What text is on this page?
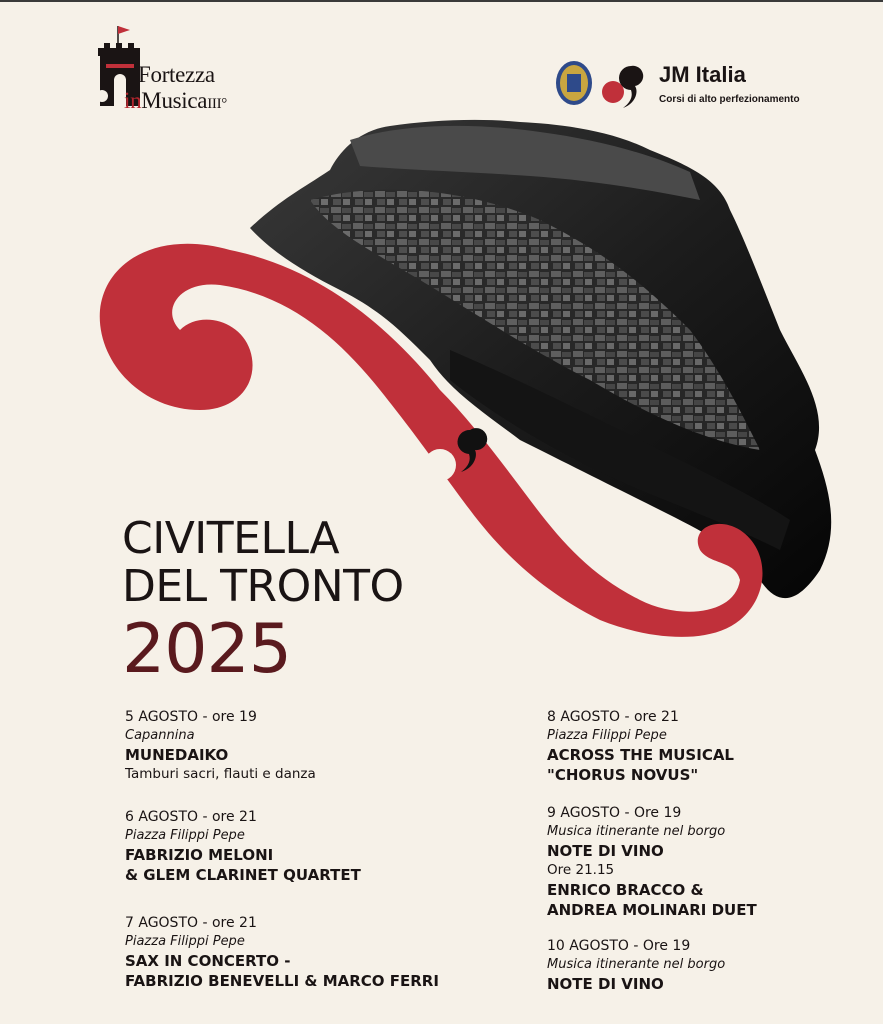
Fortezza
inMusicaIII°
JM Italia
Corsi di alto perfezionamento
CIVITELLA
DEL TRONTO
2025
5 AGOSTO - ore 19
Capannina
MUNEDAIKO
Tamburi sacri, flauti e danza
6 AGOSTO - ore 21
Piazza Filippi Pepe
FABRIZIO MELONI
& GLEM CLARINET QUARTET
7 AGOSTO - ore 21
Piazza Filippi Pepe
SAX IN CONCERTO -
FABRIZIO BENEVELLI & MARCO FERRI
8 AGOSTO - ore 21
Piazza Filippi Pepe
ACROSS THE MUSICAL
"CHORUS NOVUS"
9 AGOSTO - Ore 19
Musica itinerante nel borgo
NOTE DI VINO
Ore 21.15
ENRICO BRACCO &
ANDREA MOLINARI DUET
10 AGOSTO - Ore 19
Musica itinerante nel borgo
NOTE DI VINO
